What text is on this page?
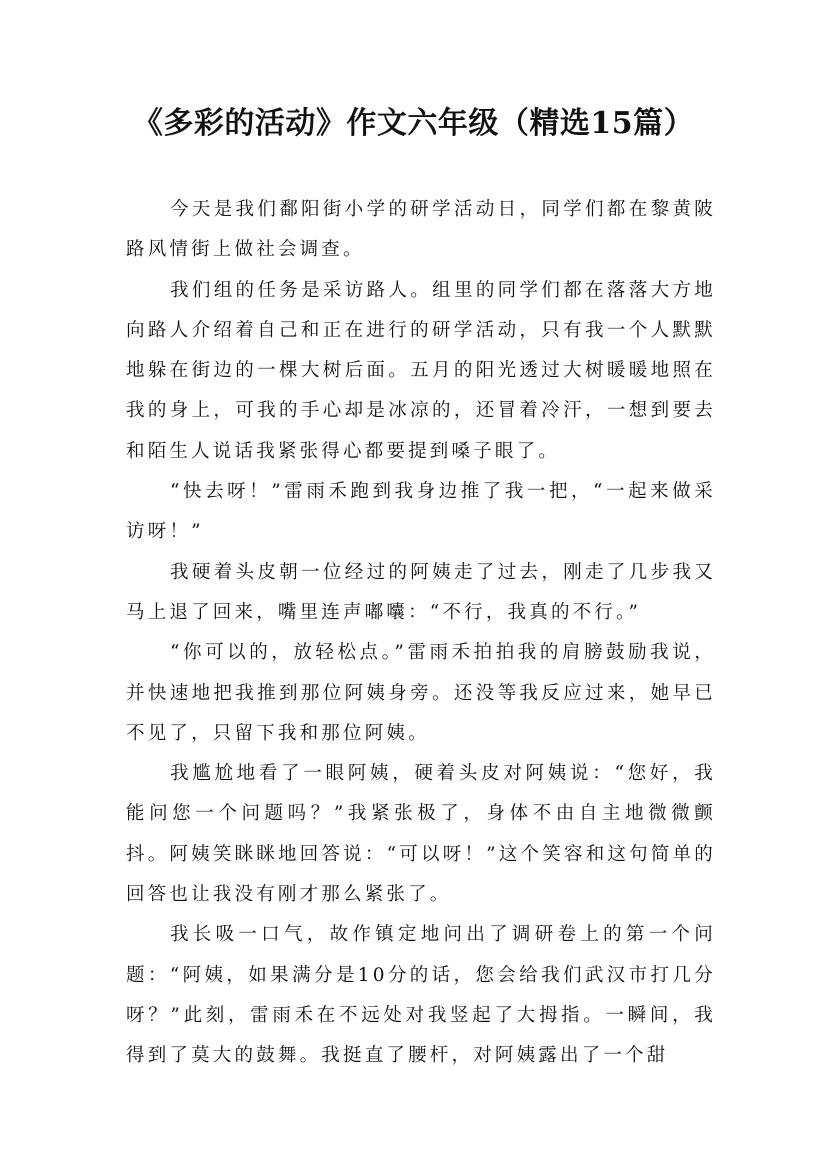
《多彩的活动》作文六年级（精选15篇）

今天是我们鄱阳街小学的研学活动日，同学们都在黎黄陂路风情街上做社会调查。

我们组的任务是采访路人。组里的同学们都在落落大方地向路人介绍着自己和正在进行的研学活动，只有我一个人默默地躲在街边的一棵大树后面。五月的阳光透过大树暖暖地照在我的身上，可我的手心却是冰凉的，还冒着冷汗，一想到要去和陌生人说话我紧张得心都要提到嗓子眼了。

“快去呀！”雷雨禾跑到我身边推了我一把，“一起来做采访呀！”

我硬着头皮朝一位经过的阿姨走了过去，刚走了几步我又马上退了回来，嘴里连声嘟囔：“不行，我真的不行。”

“你可以的，放轻松点。”雷雨禾拍拍我的肩膀鼓励我说，并快速地把我推到那位阿姨身旁。还没等我反应过来，她早已不见了，只留下我和那位阿姨。

我尴尬地看了一眼阿姨，硬着头皮对阿姨说：“您好，我能问您一个问题吗？”我紧张极了，身体不由自主地微微颤抖。阿姨笑眯眯地回答说：“可以呀！”这个笑容和这句简单的回答也让我没有刚才那么紧张了。

我长吸一口气，故作镇定地问出了调研卷上的第一个问题：“阿姨，如果满分是10分的话，您会给我们武汉市打几分呀？”此刻，雷雨禾在不远处对我竖起了大拇指。一瞬间，我得到了莫大的鼓舞。我挺直了腰杆，对阿姨露出了一个甜
